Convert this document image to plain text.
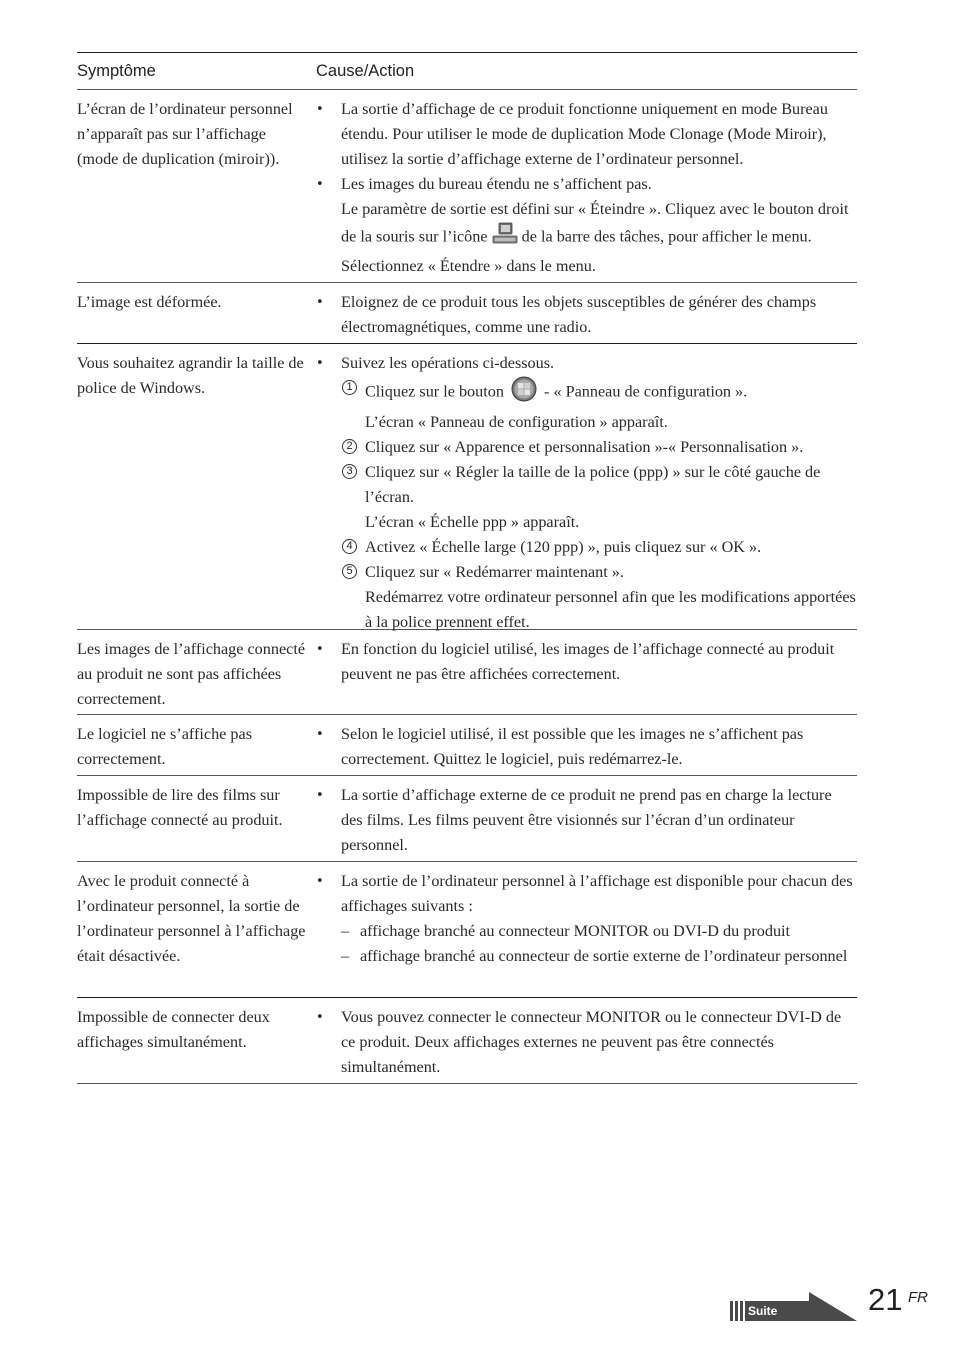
Symptôme	Cause/Action
L’écran de l’ordinateur personnel n’apparaît pas sur l’affichage (mode de duplication (miroir)).
• La sortie d’affichage de ce produit fonctionne uniquement en mode Bureau étendu. Pour utiliser le mode de duplication Mode Clonage (Mode Miroir), utilisez la sortie d’affichage externe de l’ordinateur personnel.
• Les images du bureau étendu ne s’affichent pas.
Le paramètre de sortie est défini sur « Éteindre ». Cliquez avec le bouton droit de la souris sur l’icône de la barre des tâches, pour afficher le menu. Sélectionnez « Étendre » dans le menu.
L’image est déformée.
•	Eloignez de ce produit tous les objets susceptibles de générer des champs électromagnétiques, comme une radio.
Vous souhaitez agrandir la taille de police de Windows.
• Suivez les opérations ci-dessous.
1 Cliquez sur le bouton - « Panneau de configuration ».
L’écran « Panneau de configuration » apparaît.
2 Cliquez sur « Apparence et personnalisation »-« Personnalisation ».
3 Cliquez sur « Régler la taille de la police (ppp) » sur le côté gauche de l’écran.
L’écran « Échelle ppp » apparaît.
4 Activez « Échelle large (120 ppp) », puis cliquez sur « OK ».
5 Cliquez sur « Redémarrer maintenant ».
Redémarrez votre ordinateur personnel afin que les modifications apportées à la police prennent effet.
Les images de l’affichage connecté au produit ne sont pas affichées correctement.
• En fonction du logiciel utilisé, les images de l’affichage connecté au produit peuvent ne pas être affichées correctement.
Le logiciel ne s’affiche pas correctement.
• Selon le logiciel utilisé, il est possible que les images ne s’affichent pas correctement. Quittez le logiciel, puis redémarrez-le.
Impossible de lire des films sur l’affichage connecté au produit.
• La sortie d’affichage externe de ce produit ne prend pas en charge la lecture des films. Les films peuvent être visionnés sur l’écran d’un ordinateur personnel.
Avec le produit connecté à l’ordinateur personnel, la sortie de l’ordinateur personnel à l’affichage était désactivée.
• La sortie de l’ordinateur personnel à l’affichage est disponible pour chacun des affichages suivants :
– affichage branché au connecteur MONITOR ou DVI-D du produit
– affichage branché au connecteur de sortie externe de l’ordinateur personnel
Impossible de connecter deux affichages simultanément.
• Vous pouvez connecter le connecteur MONITOR ou le connecteur DVI-D de ce produit. Deux affichages externes ne peuvent pas être connectés simultanément.
Suite	21 FR
